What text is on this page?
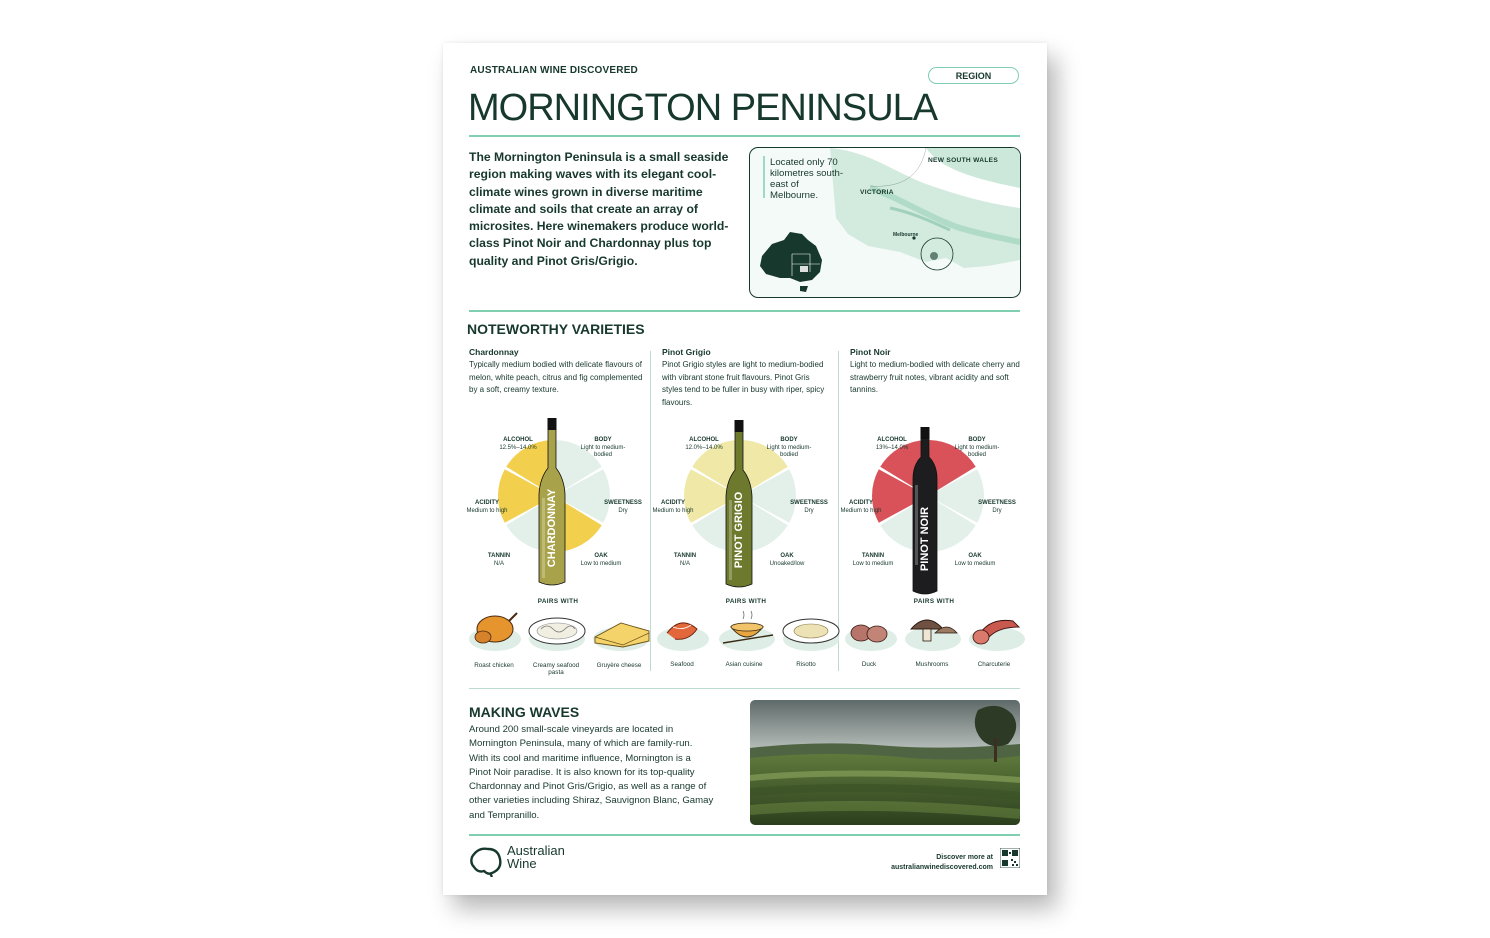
AUSTRALIAN WINE DISCOVERED	REGION
MORNINGTON PENINSULA
The Mornington Peninsula is a small seaside region making waves with its elegant cool-climate wines grown in diverse maritime climate and soils that create an array of microsites. Here winemakers produce world-class Pinot Noir and Chardonnay plus top quality and Pinot Gris/Grigio.
Located only 70 kilometres south-east of Melbourne.
NEW SOUTH WALES
VICTORIA
Melbourne
NOTEWORTHY VARIETIES
Chardonnay
Typically medium bodied with delicate flavours of melon, white peach, citrus and fig complemented by a soft, creamy texture.
Pinot Grigio
Pinot Grigio styles are light to medium-bodied with vibrant stone fruit flavours. Pinot Gris styles tend to be fuller in busy with riper, spicy flavours.
Pinot Noir
Light to medium-bodied with delicate cherry and strawberry fruit notes, vibrant acidity and soft tannins.
CHARDONNAY
ALCOHOL
12.5%–14.0%
BODY
Light to medium-bodied
ACIDITY
Medium to high
SWEETNESS
Dry
TANNIN
N/A
OAK
Low to medium	PINOT GRIGIO
ALCOHOL
12.0%–14.0%
BODY
Light to medium-bodied
ACIDITY
Medium to high
SWEETNESS
Dry
TANNIN
N/A
OAK
Unoaked/low	PINOT NOIR
ALCOHOL
13%–14.0%
BODY
Light to medium-bodied
ACIDITY
Medium to high
SWEETNESS
Dry
TANNIN
Low to medium
OAK
Low to medium
PAIRS WITH	PAIRS WITH	PAIRS WITH
Roast chicken	Creamy seafood pasta
Gruyère cheese	Seafood	Asian cuisine	Risotto	Duck	Mushrooms	Charcuterie
MAKING WAVES
Around 200 small-scale vineyards are located in Mornington Peninsula, many of which are family-run. With its cool and maritime influence, Mornington is a Pinot Noir paradise. It is also known for its top-quality Chardonnay and Pinot Gris/Grigio, as well as a range of other varieties including Shiraz, Sauvignon Blanc, Gamay and Tempranillo.
Australian
Wine	Discover more at
australianwinediscovered.com
